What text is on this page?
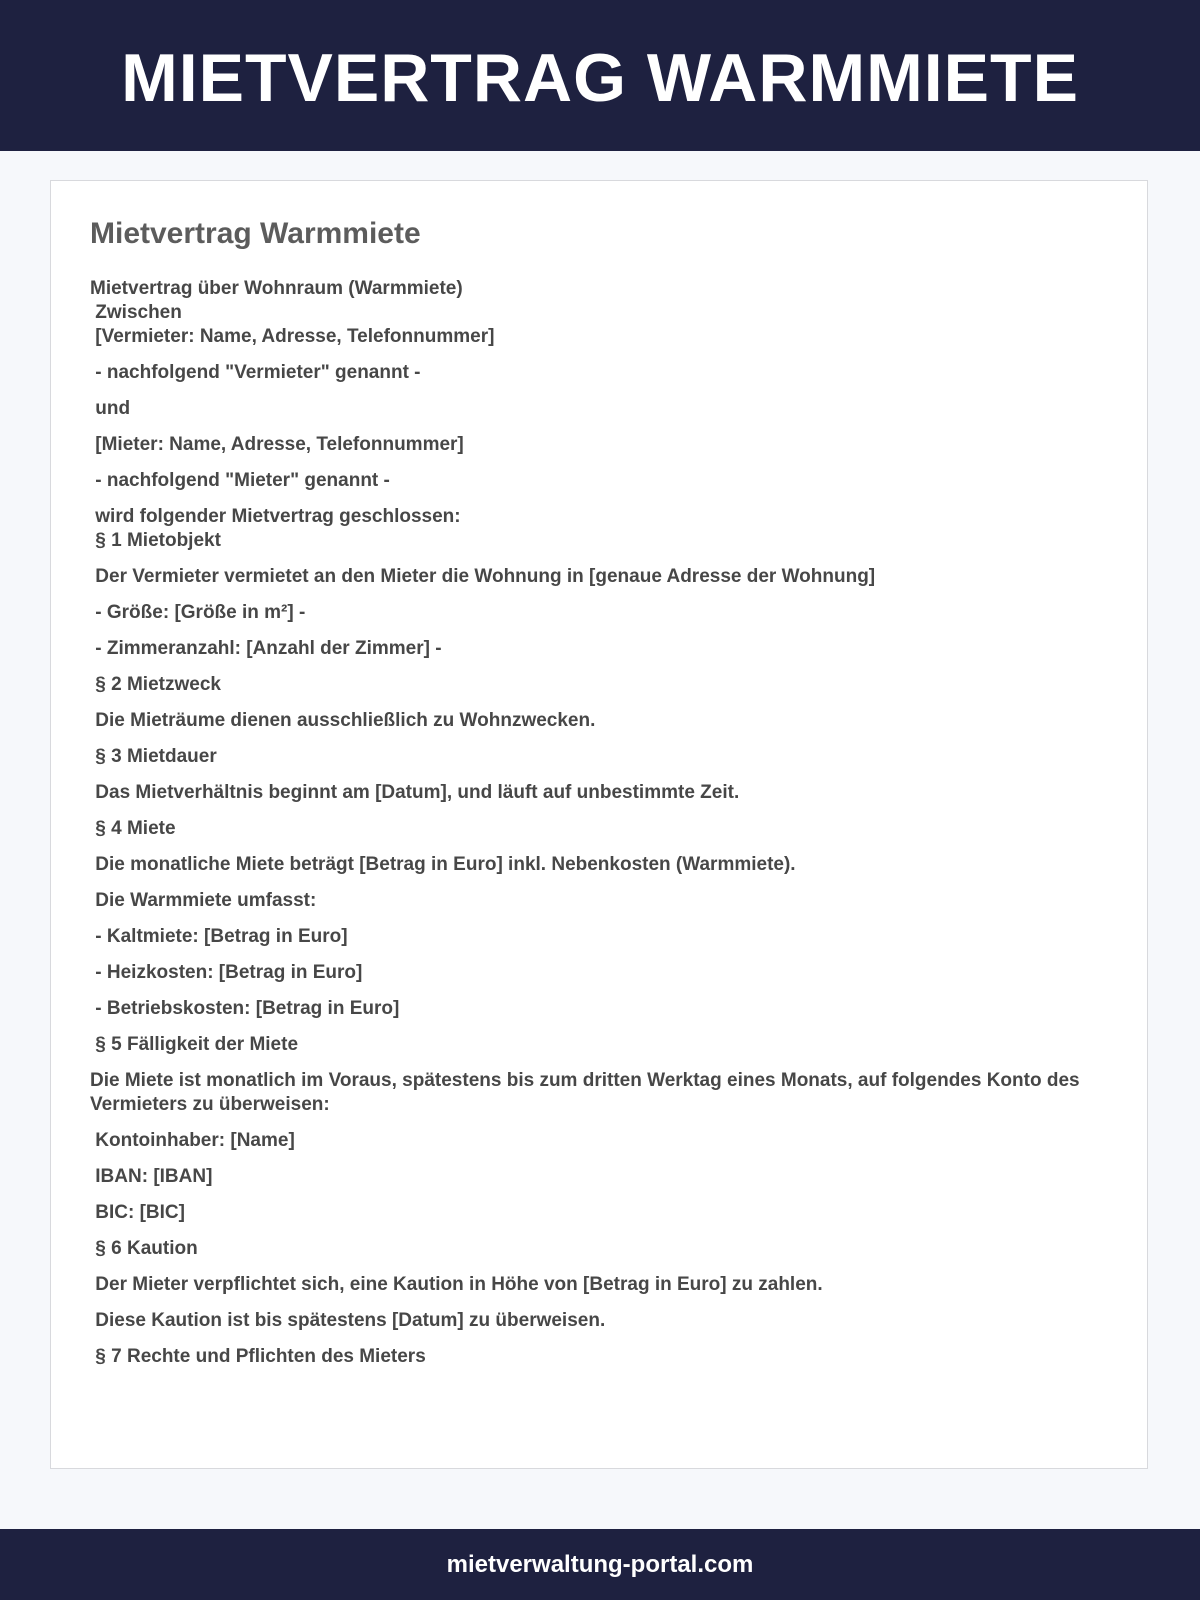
MIETVERTRAG WARMMIETE
Mietvertrag Warmmiete

Mietvertrag über Wohnraum (Warmmiete)

Zwischen

[Vermieter: Name, Adresse, Telefonnummer]

- nachfolgend "Vermieter" genannt -

und

[Mieter: Name, Adresse, Telefonnummer]

- nachfolgend "Mieter" genannt -

wird folgender Mietvertrag geschlossen:

§ 1 Mietobjekt

Der Vermieter vermietet an den Mieter die Wohnung in [genaue Adresse der Wohnung]

- Größe: [Größe in m²] -

- Zimmeranzahl: [Anzahl der Zimmer] -

§ 2 Mietzweck

Die Mieträume dienen ausschließlich zu Wohnzwecken.

§ 3 Mietdauer

Das Mietverhältnis beginnt am [Datum], und läuft auf unbestimmte Zeit.

§ 4 Miete

Die monatliche Miete beträgt [Betrag in Euro] inkl. Nebenkosten (Warmmiete).

Die Warmmiete umfasst:

- Kaltmiete: [Betrag in Euro]

- Heizkosten: [Betrag in Euro]

- Betriebskosten: [Betrag in Euro]

§ 5 Fälligkeit der Miete

Die Miete ist monatlich im Voraus, spätestens bis zum dritten Werktag eines Monats, auf folgendes Konto des Vermieters zu überweisen:

Kontoinhaber: [Name]

IBAN: [IBAN]

BIC: [BIC]

§ 6 Kaution

Der Mieter verpflichtet sich, eine Kaution in Höhe von [Betrag in Euro] zu zahlen.

Diese Kaution ist bis spätestens [Datum] zu überweisen.

§ 7 Rechte und Pflichten des Mieters

mietverwaltung-portal.com
